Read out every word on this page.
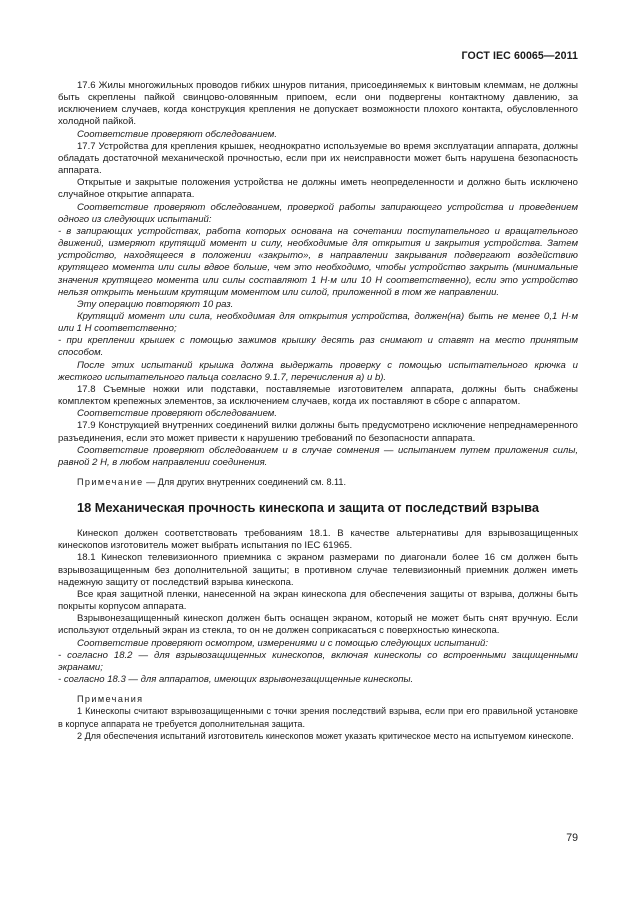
ГОСТ IEC 60065—2011

17.6 Жилы многожильных проводов гибких шнуров питания, присоединяемых к винтовым клеммам, не должны быть скреплены пайкой свинцово-оловянным припоем, если они подвергены контактному давлению, за исключением случаев, когда конструкция крепления не допускает возможности плохого контакта, обусловленного холодной пайкой.

Соответствие проверяют обследованием.

17.7 Устройства для крепления крышек, неоднократно используемые во время эксплуатации аппарата, должны обладать достаточной механической прочностью, если при их неисправности может быть нарушена безопасность аппарата.

Открытые и закрытые положения устройства не должны иметь неопределенности и должно быть исключено случайное открытие аппарата.

Соответствие проверяют обследованием, проверкой работы запирающего устройства и проведением одного из следующих испытаний:

- в запирающих устройствах, работа которых основана на сочетании поступательного и вращательного движений, измеряют крутящий момент и силу, необходимые для открытия и закрытия устройства. Затем устройство, находящееся в положении «закрыто», в направлении закрывания подвергают воздействию крутящего момента или силы вдвое больше, чем это необходимо, чтобы устройство закрыть (минимальные значения крутящего момента или силы составляют 1 Н·м или 10 Н соответственно), если это устройство нельзя открыть меньшим крутящим моментом или силой, приложенной в том же направлении.

Эту операцию повторяют 10 раз.

Крутящий момент или сила, необходимая для открытия устройства, должен(на) быть не менее 0,1 Н·м или 1 Н соответственно;

- при креплении крышек с помощью зажимов крышку десять раз снимают и ставят на место принятым способом.

После этих испытаний крышка должна выдержать проверку с помощью испытательного крючка и жесткого испытательного пальца согласно 9.1.7, перечисления а) и b).

17.8 Съемные ножки или подставки, поставляемые изготовителем аппарата, должны быть снабжены комплектом крепежных элементов, за исключением случаев, когда их поставляют в сборе с аппаратом.

Соответствие проверяют обследованием.

17.9 Конструкцией внутренних соединений вилки должны быть предусмотрено исключение непреднамеренного разъединения, если это может привести к нарушению требований по безопасности аппарата.

Соответствие проверяют обследованием и в случае сомнения — испытанием путем приложения силы, равной 2 Н, в любом направлении соединения.

Примечание — Для других внутренних соединений см. 8.11.

18 Механическая прочность кинескопа и защита от последствий взрыва

Кинескоп должен соответствовать требованиям 18.1. В качестве альтернативы для взрывозащищенных кинескопов изготовитель может выбрать испытания по IEC 61965.

18.1 Кинескоп телевизионного приемника с экраном размерами по диагонали более 16 см должен быть взрывозащищенным без дополнительной защиты; в противном случае телевизионный приемник должен иметь надежную защиту от последствий взрыва кинескопа.

Все края защитной пленки, нанесенной на экран кинескопа для обеспечения защиты от взрыва, должны быть покрыты корпусом аппарата.

Взрывонезащищенный кинескоп должен быть оснащен экраном, который не может быть снят вручную. Если используют отдельный экран из стекла, то он не должен соприкасаться с поверхностью кинескопа.

Соответствие проверяют осмотром, измерениями и с помощью следующих испытаний:

- согласно 18.2 — для взрывозащищенных кинескопов, включая кинескопы со встроенными защищенными экранами;

- согласно 18.3 — для аппаратов, имеющих взрывонезащищенные кинескопы.

Примечания

1 Кинескопы считают взрывозащищенными с точки зрения последствий взрыва, если при его правильной установке в корпусе аппарата не требуется дополнительная защита.

2 Для обеспечения испытаний изготовитель кинескопов может указать критическое место на испытуемом кинескопе.

79
